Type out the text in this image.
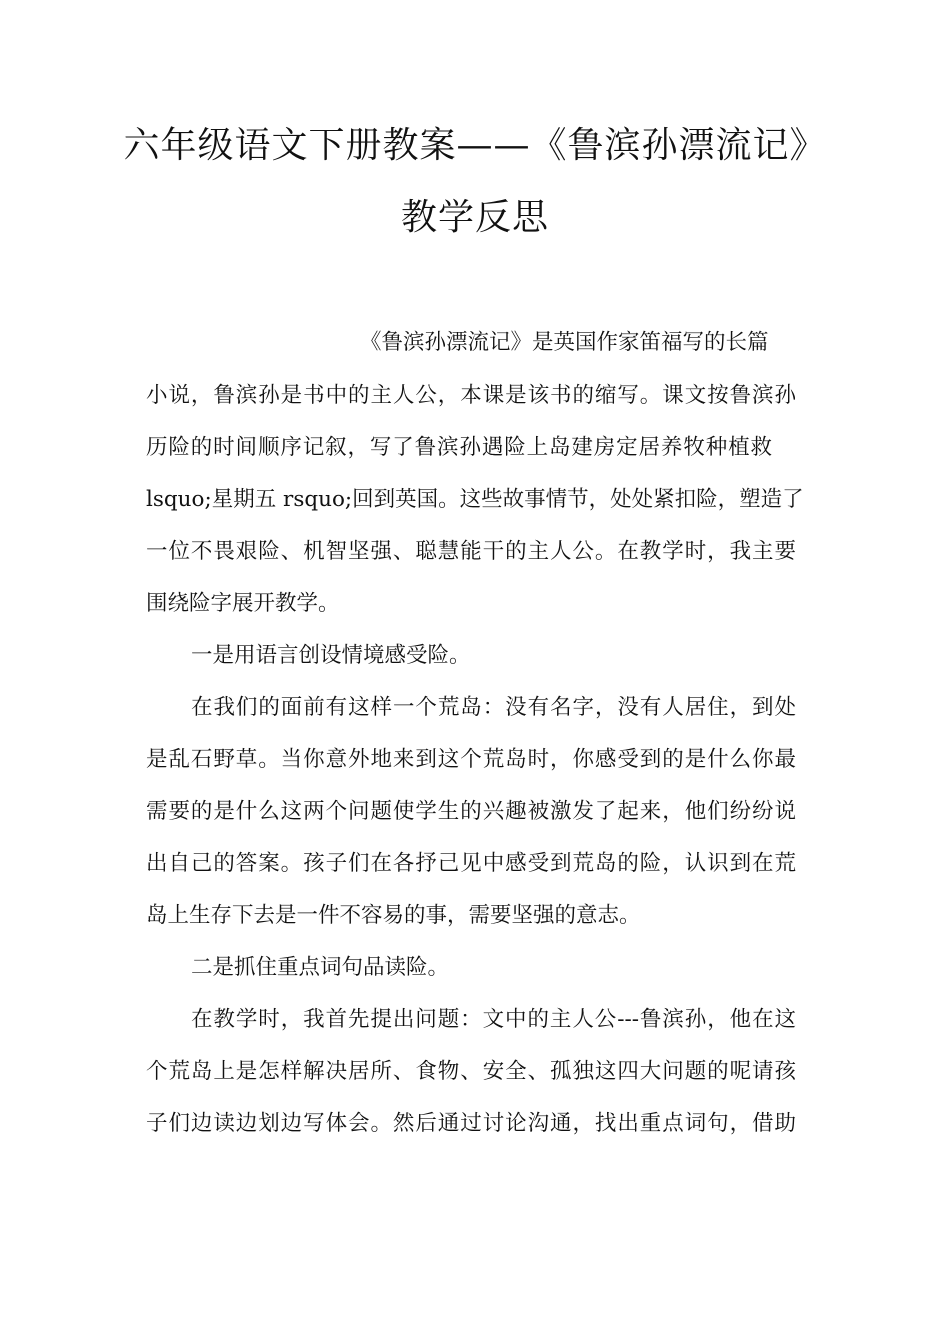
六年级语文下册教案——《鲁滨孙漂流记》
教学反思
《鲁滨孙漂流记》是英国作家笛福写的长篇
小说，鲁滨孙是书中的主人公，本课是该书的缩写。课文按鲁滨孙
历险的时间顺序记叙，写了鲁滨孙遇险上岛建房定居养牧种植救
lsquo;星期五 rsquo;回到英国。这些故事情节，处处紧扣险，塑造了
一位不畏艰险、机智坚强、聪慧能干的主人公。在教学时，我主要
围绕险字展开教学。
一是用语言创设情境感受险。
在我们的面前有这样一个荒岛：没有名字，没有人居住，到处
是乱石野草。当你意外地来到这个荒岛时，你感受到的是什么你最
需要的是什么这两个问题使学生的兴趣被激发了起来，他们纷纷说
出自己的答案。孩子们在各抒己见中感受到荒岛的险，认识到在荒
岛上生存下去是一件不容易的事，需要坚强的意志。
二是抓住重点词句品读险。
在教学时，我首先提出问题：文中的主人公---鲁滨孙，他在这
个荒岛上是怎样解决居所、食物、安全、孤独这四大问题的呢请孩
子们边读边划边写体会。然后通过讨论沟通，找出重点词句，借助
